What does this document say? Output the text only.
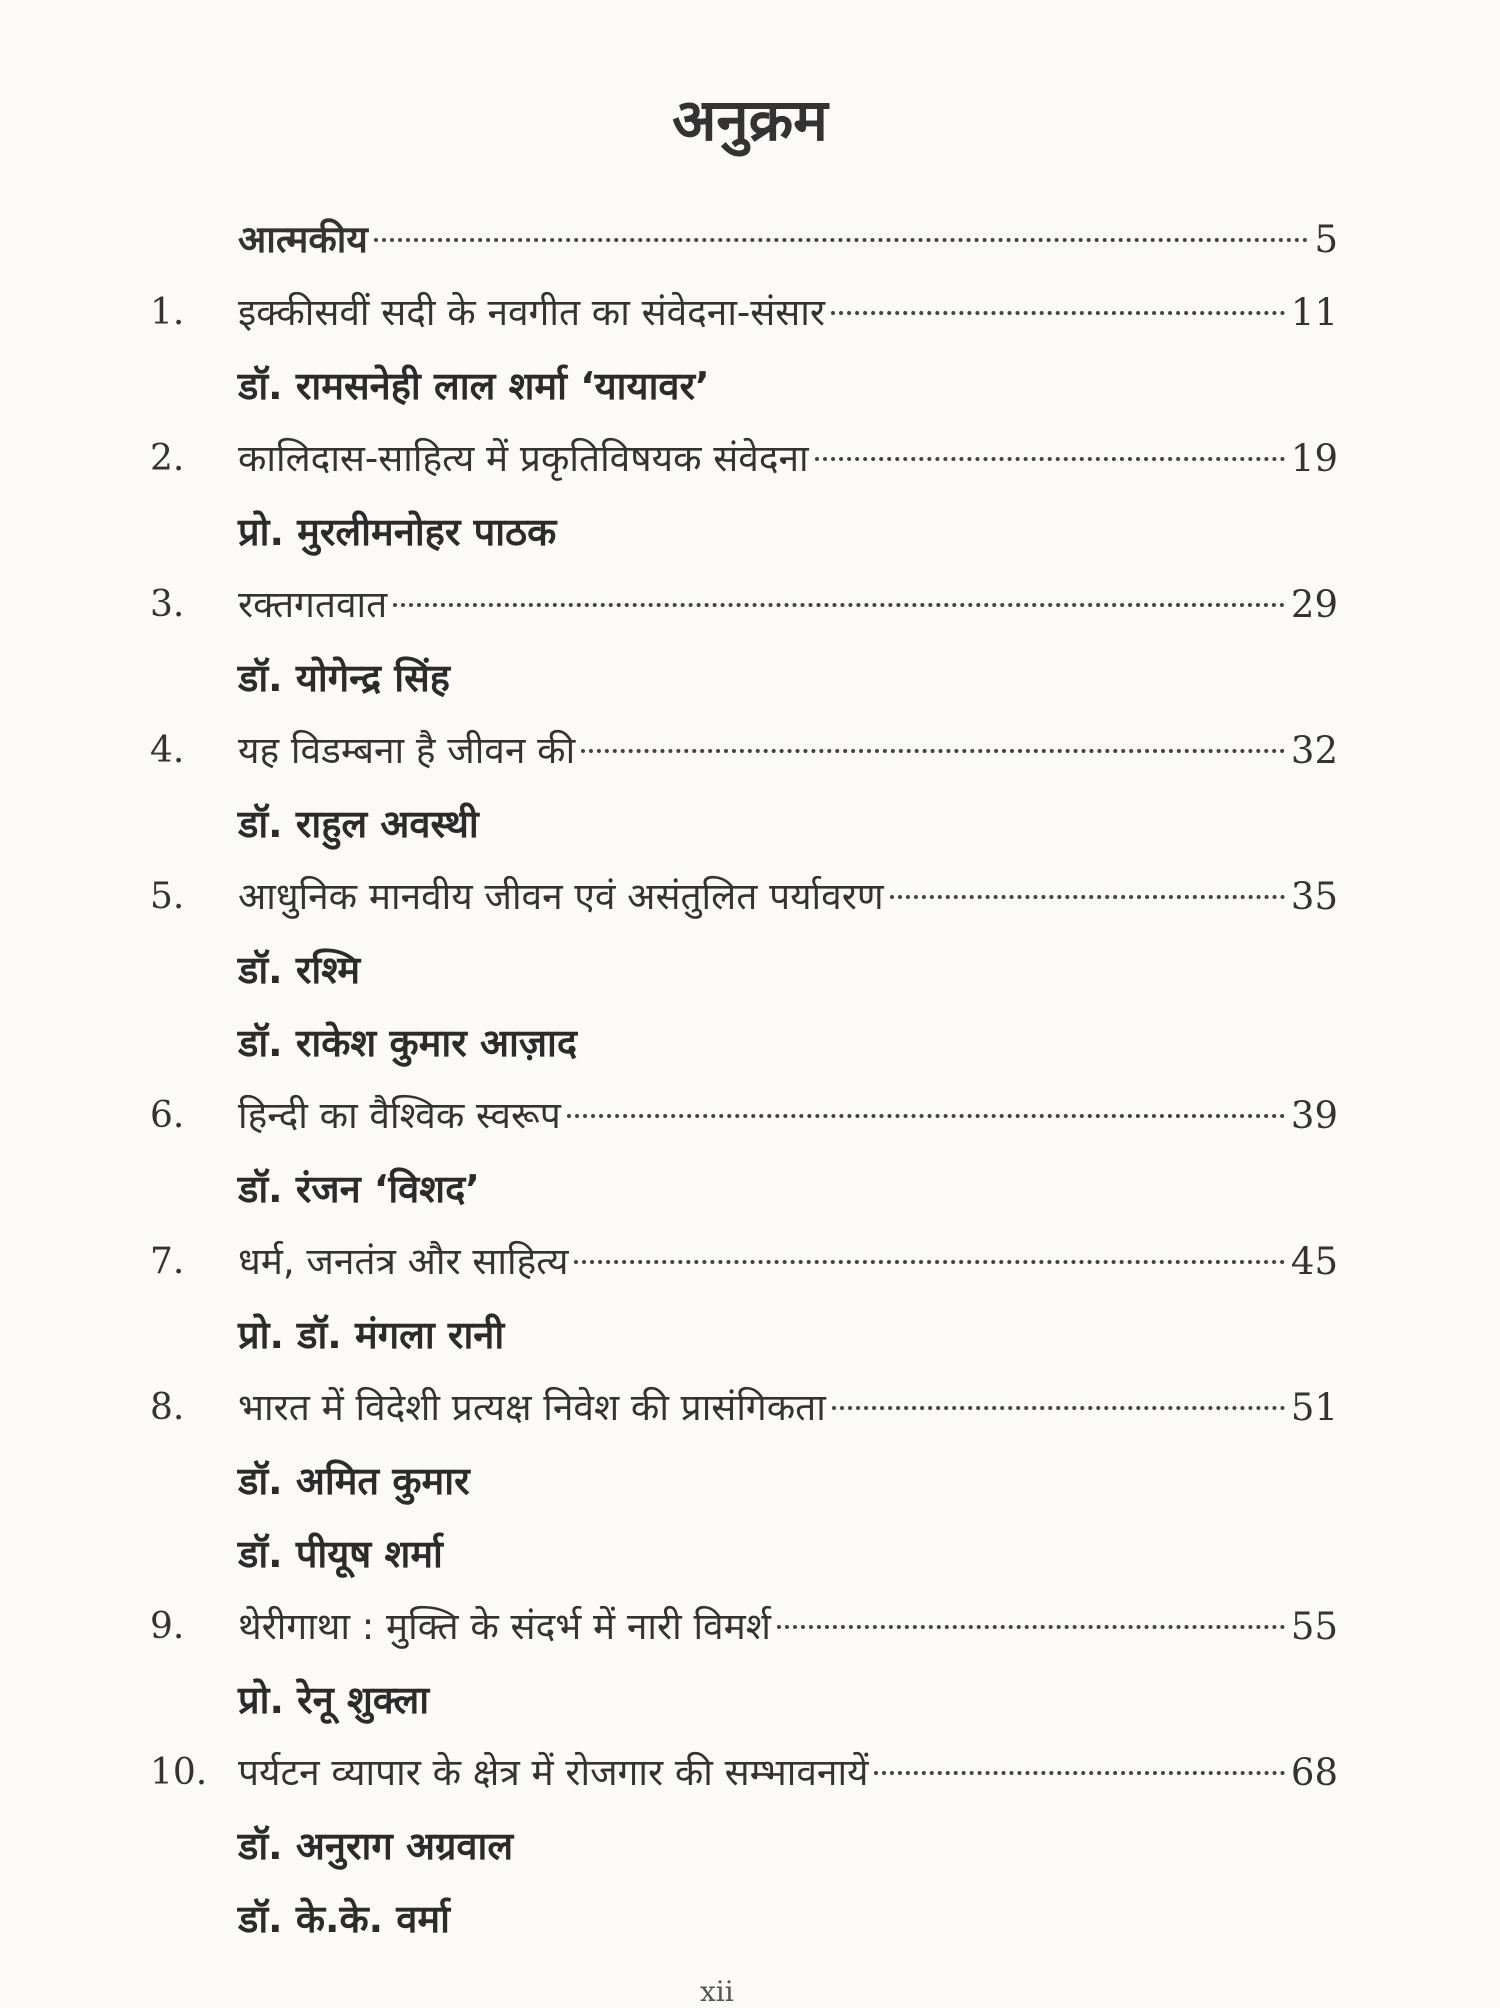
अनुक्रम
आत्मकीय	5
1.	इक्कीसवीं सदी के नवगीत का संवेदना-संसार	11
डॉ. रामसनेही लाल शर्मा ‘यायावर’
2.	कालिदास-साहित्य में प्रकृतिविषयक संवेदना	19
प्रो. मुरलीमनोहर पाठक
3.	रक्तगतवात	29
डॉ. योगेन्द्र सिंह
4.	यह विडम्बना है जीवन की	32
डॉ. राहुल अवस्थी
5.	आधुनिक मानवीय जीवन एवं असंतुलित पर्यावरण	35
डॉ. रश्मि
डॉ. राकेश कुमार आज़ाद
6.	हिन्दी का वैश्विक स्वरूप	39
डॉ. रंजन ‘विशद’
7.	धर्म, जनतंत्र और साहित्य	45
प्रो. डॉ. मंगला रानी
8.	भारत में विदेशी प्रत्यक्ष निवेश की प्रासंगिकता	51
डॉ. अमित कुमार
डॉ. पीयूष शर्मा
9.	थेरीगाथा : मुक्ति के संदर्भ में नारी विमर्श	55
प्रो. रेनू शुक्ला
10. पर्यटन व्यापार के क्षेत्र में रोजगार की सम्भावनायें	68
डॉ. अनुराग अग्रवाल
डॉ. के.के. वर्मा
xii
